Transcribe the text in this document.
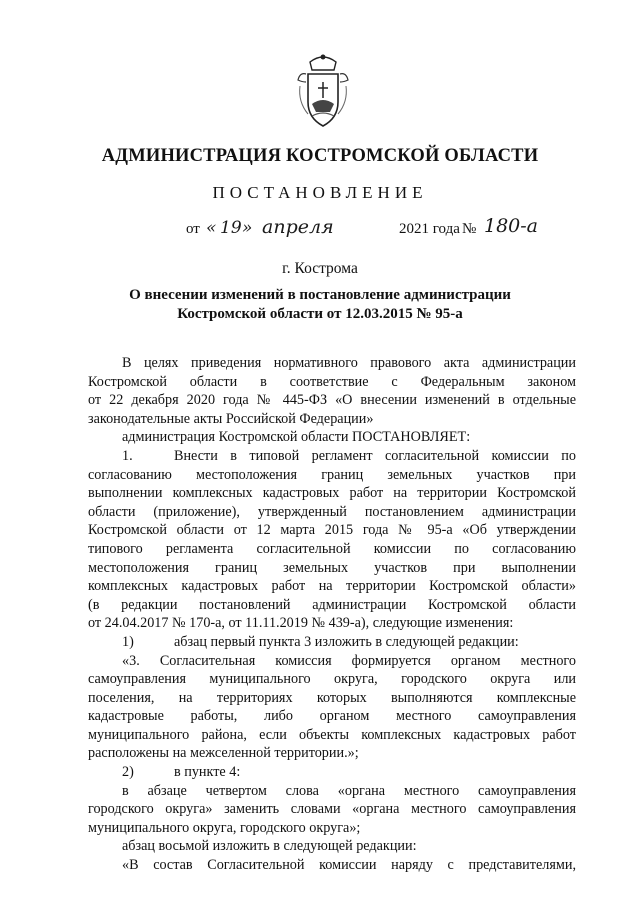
АДМИНИСТРАЦИЯ КОСТРОМСКОЙ ОБЛАСТИ
ПОСТАНОВЛЕНИЕ
от « 19 » апреля	2021 года № 180-а
г. Кострома
О внесении изменений в постановление администрации
Костромской области от 12.03.2015 № 95-а

В целях приведения нормативного правового акта администрации

Костромской области в соответствие с Федеральным законом

от 22 декабря 2020 года № 445-ФЗ «О внесении изменений в отдельные

законодательные акты Российской Федерации»

администрация Костромской области ПОСТАНОВЛЯЕТ:

1.	Внести в типовой регламент согласительной комиссии по

согласованию местоположения границ земельных участков при

выполнении комплексных кадастровых работ на территории Костромской

области (приложение), утвержденный постановлением администрации

Костромской области от 12 марта 2015 года № 95-а «Об утверждении

типового регламента согласительной комиссии по согласованию

местоположения границ земельных участков при выполнении

комплексных кадастровых работ на территории Костромской области»

(в редакции постановлений администрации Костромской области

от 24.04.2017 № 170-а, от 11.11.2019 № 439-а), следующие изменения:

1)	абзац первый пункта 3 изложить в следующей редакции:

«3. Согласительная комиссия формируется органом местного

самоуправления муниципального округа, городского округа или

поселения, на территориях которых выполняются комплексные

кадастровые работы, либо органом местного самоуправления

муниципального района, если объекты комплексных кадастровых работ

расположены на межселенной территории.»;

2)	в пункте 4:

в абзаце четвертом слова «органа местного самоуправления

городского округа» заменить словами «органа местного самоуправления

муниципального округа, городского округа»;

абзац восьмой изложить в следующей редакции:

«В состав Согласительной комиссии наряду с представителями,
